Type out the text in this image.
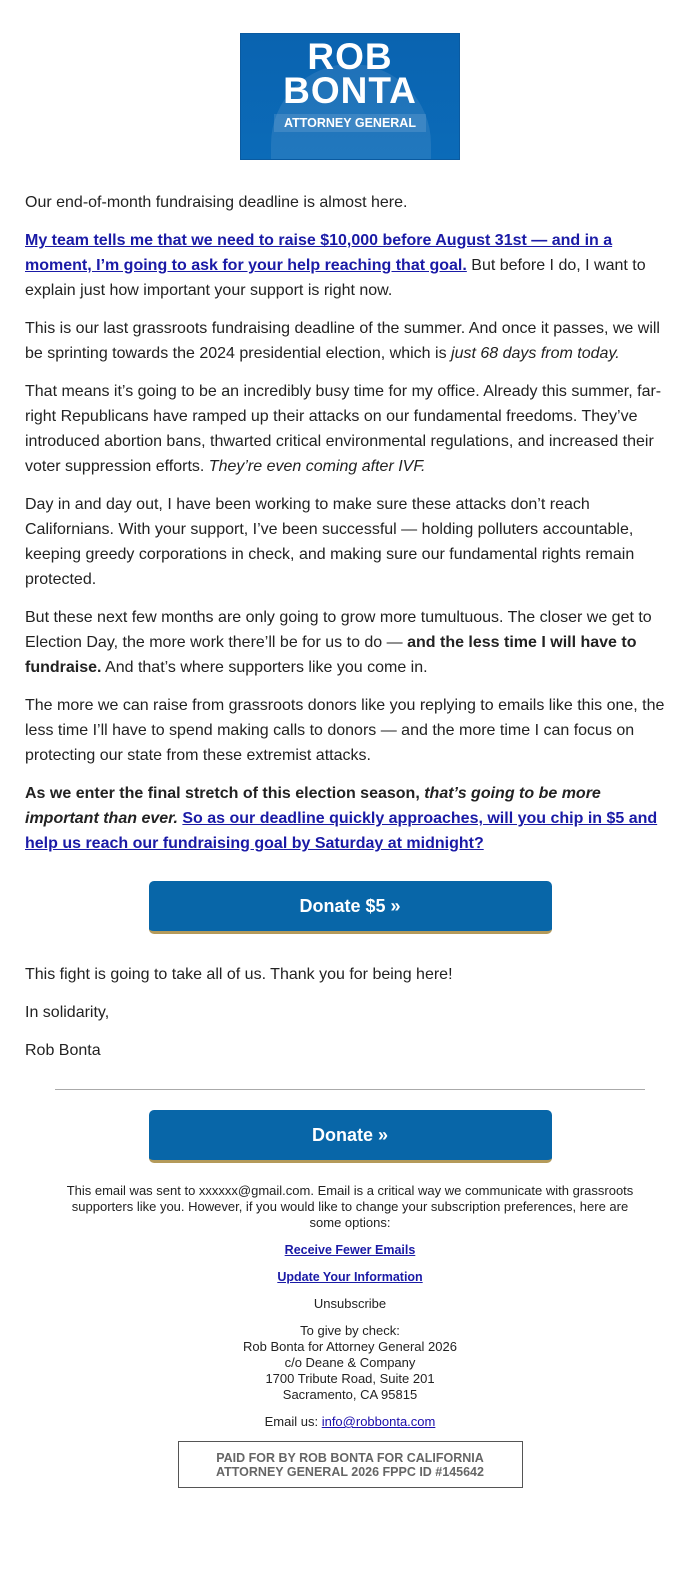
ROB
BONTA
ATTORNEY GENERAL

Our end-of-month fundraising deadline is almost here.

My team tells me that we need to raise $10,000 before August 31st — and in a moment, I’m going to ask for your help reaching that goal. But before I do, I want to explain just how important your support is right now.

This is our last grassroots fundraising deadline of the summer. And once it passes, we will be sprinting towards the 2024 presidential election, which is just 68 days from today.

That means it’s going to be an incredibly busy time for my office. Already this summer, far-right Republicans have ramped up their attacks on our fundamental freedoms. They’ve introduced abortion bans, thwarted critical environmental regulations, and increased their voter suppression efforts. They’re even coming after IVF.

Day in and day out, I have been working to make sure these attacks don’t reach Californians. With your support, I’ve been successful — holding polluters accountable, keeping greedy corporations in check, and making sure our fundamental rights remain protected.

But these next few months are only going to grow more tumultuous. The closer we get to Election Day, the more work there’ll be for us to do — and the less time I will have to fundraise. And that’s where supporters like you come in.

The more we can raise from grassroots donors like you replying to emails like this one, the less time I’ll have to spend making calls to donors — and the more time I can focus on protecting our state from these extremist attacks.

As we enter the final stretch of this election season, that’s going to be more important than ever. So as our deadline quickly approaches, will you chip in $5 and help us reach our fundraising goal by Saturday at midnight?

Donate $5 »

This fight is going to take all of us. Thank you for being here!

In solidarity,

Rob Bonta

Donate »

This email was sent to xxxxxx@gmail.com. Email is a critical way we communicate with grassroots supporters like you. However, if you would like to change your subscription preferences, here are some options:

Receive Fewer Emails

Update Your Information

Unsubscribe

To give by check:
Rob Bonta for Attorney General 2026
c/o Deane & Company
1700 Tribute Road, Suite 201
Sacramento, CA 95815

Email us: info@robbonta.com

PAID FOR BY ROB BONTA FOR CALIFORNIA
ATTORNEY GENERAL 2026 FPPC ID #145642
